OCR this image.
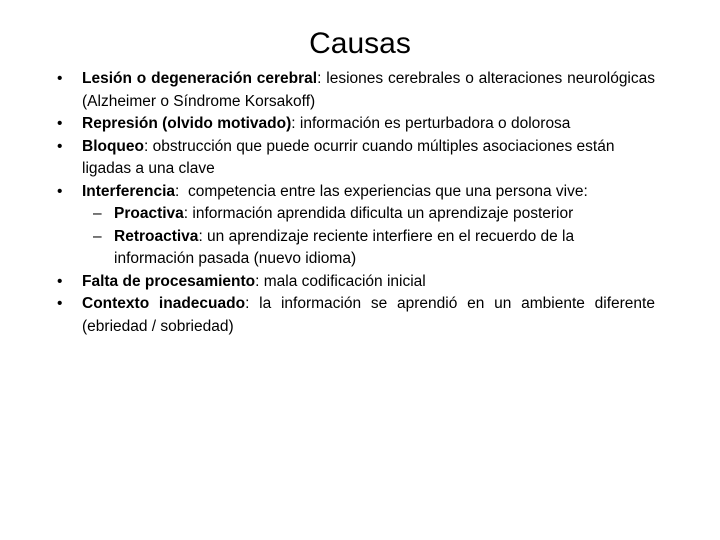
Causas
• Lesión o degeneración cerebral: lesiones cerebrales o alteraciones neurológicas (Alzheimer o Síndrome Korsakoff)
• Represión (olvido motivado): información es perturbadora o dolorosa
• Bloqueo: obstrucción que puede ocurrir cuando múltiples asociaciones están ligadas a una clave
• Interferencia:  competencia entre las experiencias que una persona vive:
– Proactiva: información aprendida dificulta un aprendizaje posterior
– Retroactiva: un aprendizaje reciente interfiere en el recuerdo de la información pasada (nuevo idioma)
• Falta de procesamiento: mala codificación inicial
• Contexto inadecuado: la información se aprendió en un ambiente diferente (ebriedad / sobriedad)
